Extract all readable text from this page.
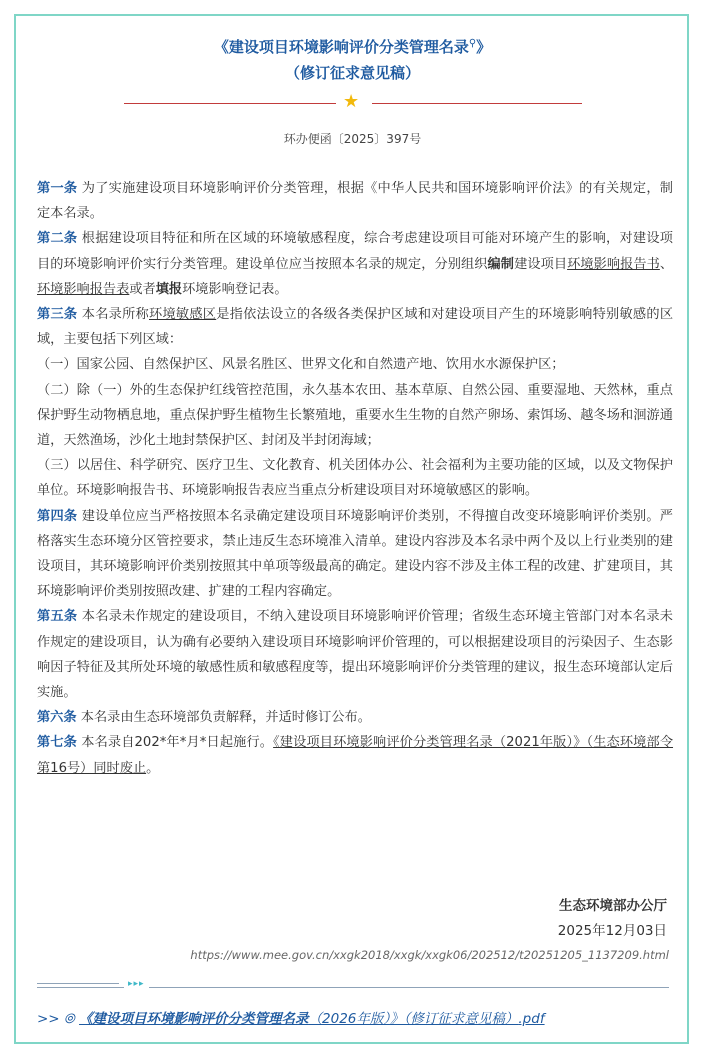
《建设项目环境影响评价分类管理名录⚲》
（修订征求意见稿）
★
环办便函〔2025〕397号

第一条 为了实施建设项目环境影响评价分类管理，根据《中华人民共和国环境影响评价法》的有关规定，制定本名录。

第二条 根据建设项目特征和所在区域的环境敏感程度，综合考虑建设项目可能对环境产生的影响，对建设项目的环境影响评价实行分类管理。建设单位应当按照本名录的规定，分别组织编制建设项目环境影响报告书、环境影响报告表或者填报环境影响登记表。

第三条 本名录所称环境敏感区是指依法设立的各级各类保护区域和对建设项目产生的环境影响特别敏感的区域，主要包括下列区域：

（一）国家公园、自然保护区、风景名胜区、世界文化和自然遗产地、饮用水水源保护区；

（二）除（一）外的生态保护红线管控范围，永久基本农田、基本草原、自然公园、重要湿地、天然林，重点保护野生动物栖息地，重点保护野生植物生长繁殖地，重要水生生物的自然产卵场、索饵场、越冬场和洄游通道，天然渔场，沙化土地封禁保护区、封闭及半封闭海域；

（三）以居住、科学研究、医疗卫生、文化教育、机关团体办公、社会福利为主要功能的区域，以及文物保护单位。环境影响报告书、环境影响报告表应当重点分析建设项目对环境敏感区的影响。

第四条 建设单位应当严格按照本名录确定建设项目环境影响评价类别，不得擅自改变环境影响评价类别。严格落实生态环境分区管控要求，禁止违反生态环境准入清单。建设内容涉及本名录中两个及以上行业类别的建设项目，其环境影响评价类别按照其中单项等级最高的确定。建设内容不涉及主体工程的改建、扩建项目，其环境影响评价类别按照改建、扩建的工程内容确定。

第五条 本名录未作规定的建设项目，不纳入建设项目环境影响评价管理；省级生态环境主管部门对本名录未作规定的建设项目，认为确有必要纳入建设项目环境影响评价管理的，可以根据建设项目的污染因子、生态影响因子特征及其所处环境的敏感性质和敏感程度等，提出环境影响评价分类管理的建议，报生态环境部认定后实施。

第六条 本名录由生态环境部负责解释，并适时修订公布。

第七条 本名录自202*年*月*日起施行。《建设项目环境影响评价分类管理名录（2021年版）》（生态环境部令第16号）同时废止。

生态环境部办公厅
2025年12月03日
https://www.mee.gov.cn/xxgk2018/xxgk/xxgk06/202512/t20251205_1137209.html
▸▸▸
>> ⦾ 《建设项目环境影响评价分类管理名录（2026年版）》（修订征求意见稿）.pdf
